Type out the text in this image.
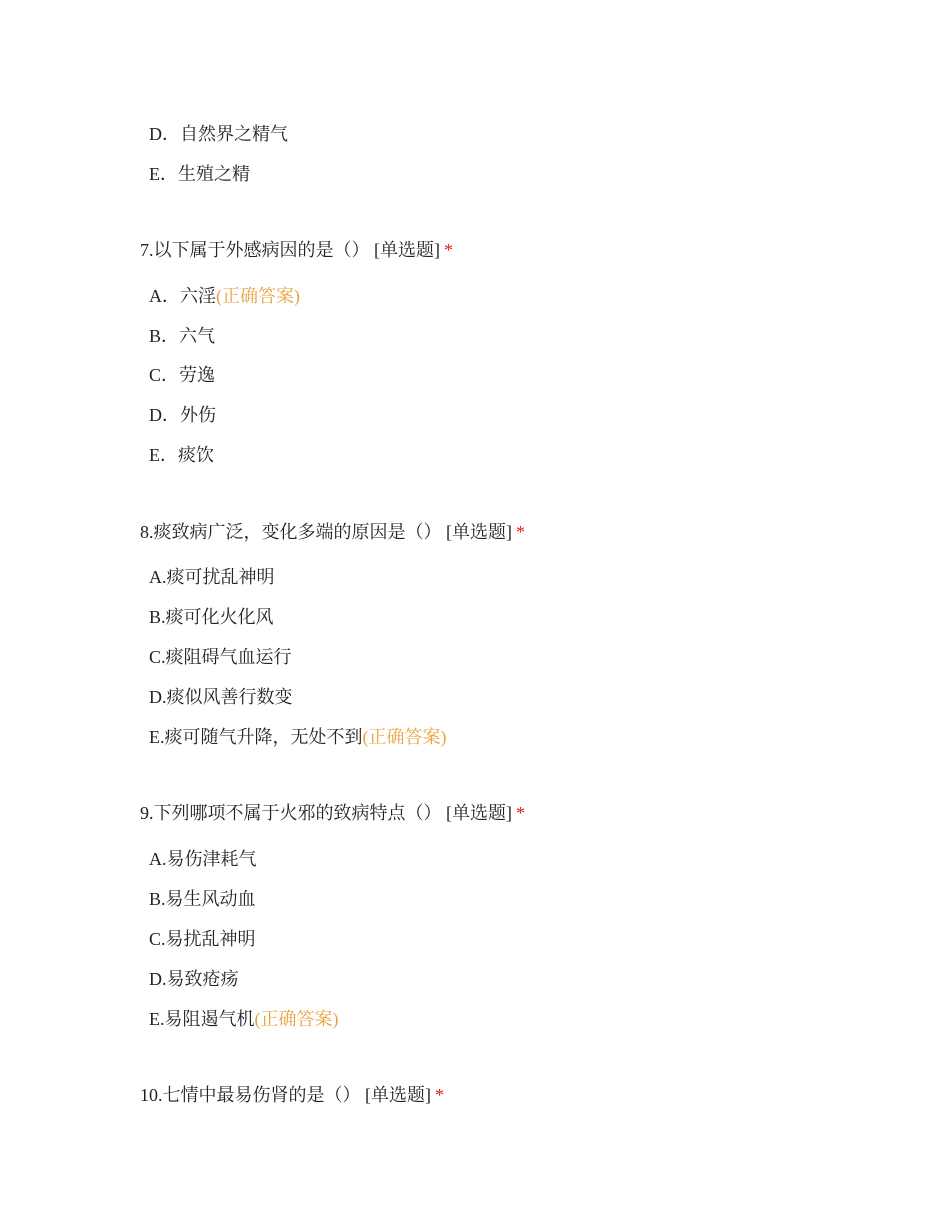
D．自然界之精气
E．生殖之精
7.以下属于外感病因的是（） [单选题] *
A．六淫(正确答案)
B．六气
C．劳逸
D．外伤
E．痰饮
8.痰致病广泛，变化多端的原因是（） [单选题] *
A.痰可扰乱神明
B.痰可化火化风
C.痰阻碍气血运行
D.痰似风善行数变
E.痰可随气升降，无处不到(正确答案)
9.下列哪项不属于火邪的致病特点（） [单选题] *
A.易伤津耗气
B.易生风动血
C.易扰乱神明
D.易致疮疡
E.易阻遏气机(正确答案)
10.七情中最易伤肾的是（） [单选题] *
